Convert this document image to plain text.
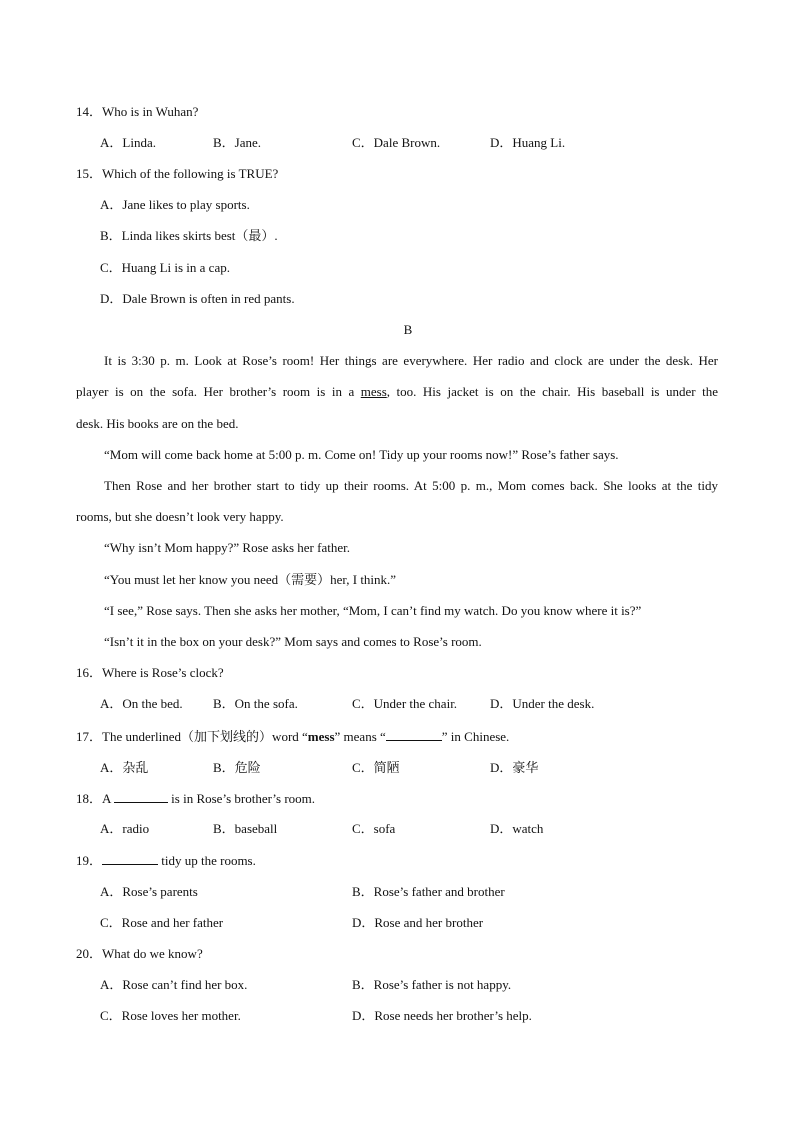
14．Who is in Wuhan?
A．Linda.	B．Jane.	C．Dale Brown.	D．Huang Li.
15．Which of the following is TRUE?
A．Jane likes to play sports.
B．Linda likes skirts best（最）.
C．Huang Li is in a cap.
D．Dale Brown is often in red pants.
B
It is 3:30 p. m. Look at Rose’s room! Her things are everywhere. Her radio and clock are under the desk. Her
player is on the sofa. Her brother’s room is in a mess, too. His jacket is on the chair. His baseball is under the
desk. His books are on the bed.
“Mom will come back home at 5:00 p. m. Come on! Tidy up your rooms now!” Rose’s father says.
Then Rose and her brother start to tidy up their rooms. At 5:00 p. m., Mom comes back. She looks at the tidy
rooms, but she doesn’t look very happy.
“Why isn’t Mom happy?” Rose asks her father.
“You must let her know you need（需要）her, I think.”
“I see,” Rose says. Then she asks her mother, “Mom, I can’t find my watch. Do you know where it is?”
“Isn’t it in the box on your desk?” Mom says and comes to Rose’s room.
16．Where is Rose’s clock?
A．On the bed. B．On the sofa.	C．Under the chair.	D．Under the desk.
17．The underlined（加下划线的）word “mess” means “	” in Chinese.
A．杂乱	B．危险	C．简陋	D．豪华
18．A	is in Rose’s brother’s room.
A．radio	B．baseball	C．sofa	D．watch
19．	tidy up the rooms.
A．Rose’s parents	B．Rose’s father and brother
C．Rose and her father	D．Rose and her brother
20．What do we know?
A．Rose can’t find her box.	B．Rose’s father is not happy.
C．Rose loves her mother.	D．Rose needs her brother’s help.
